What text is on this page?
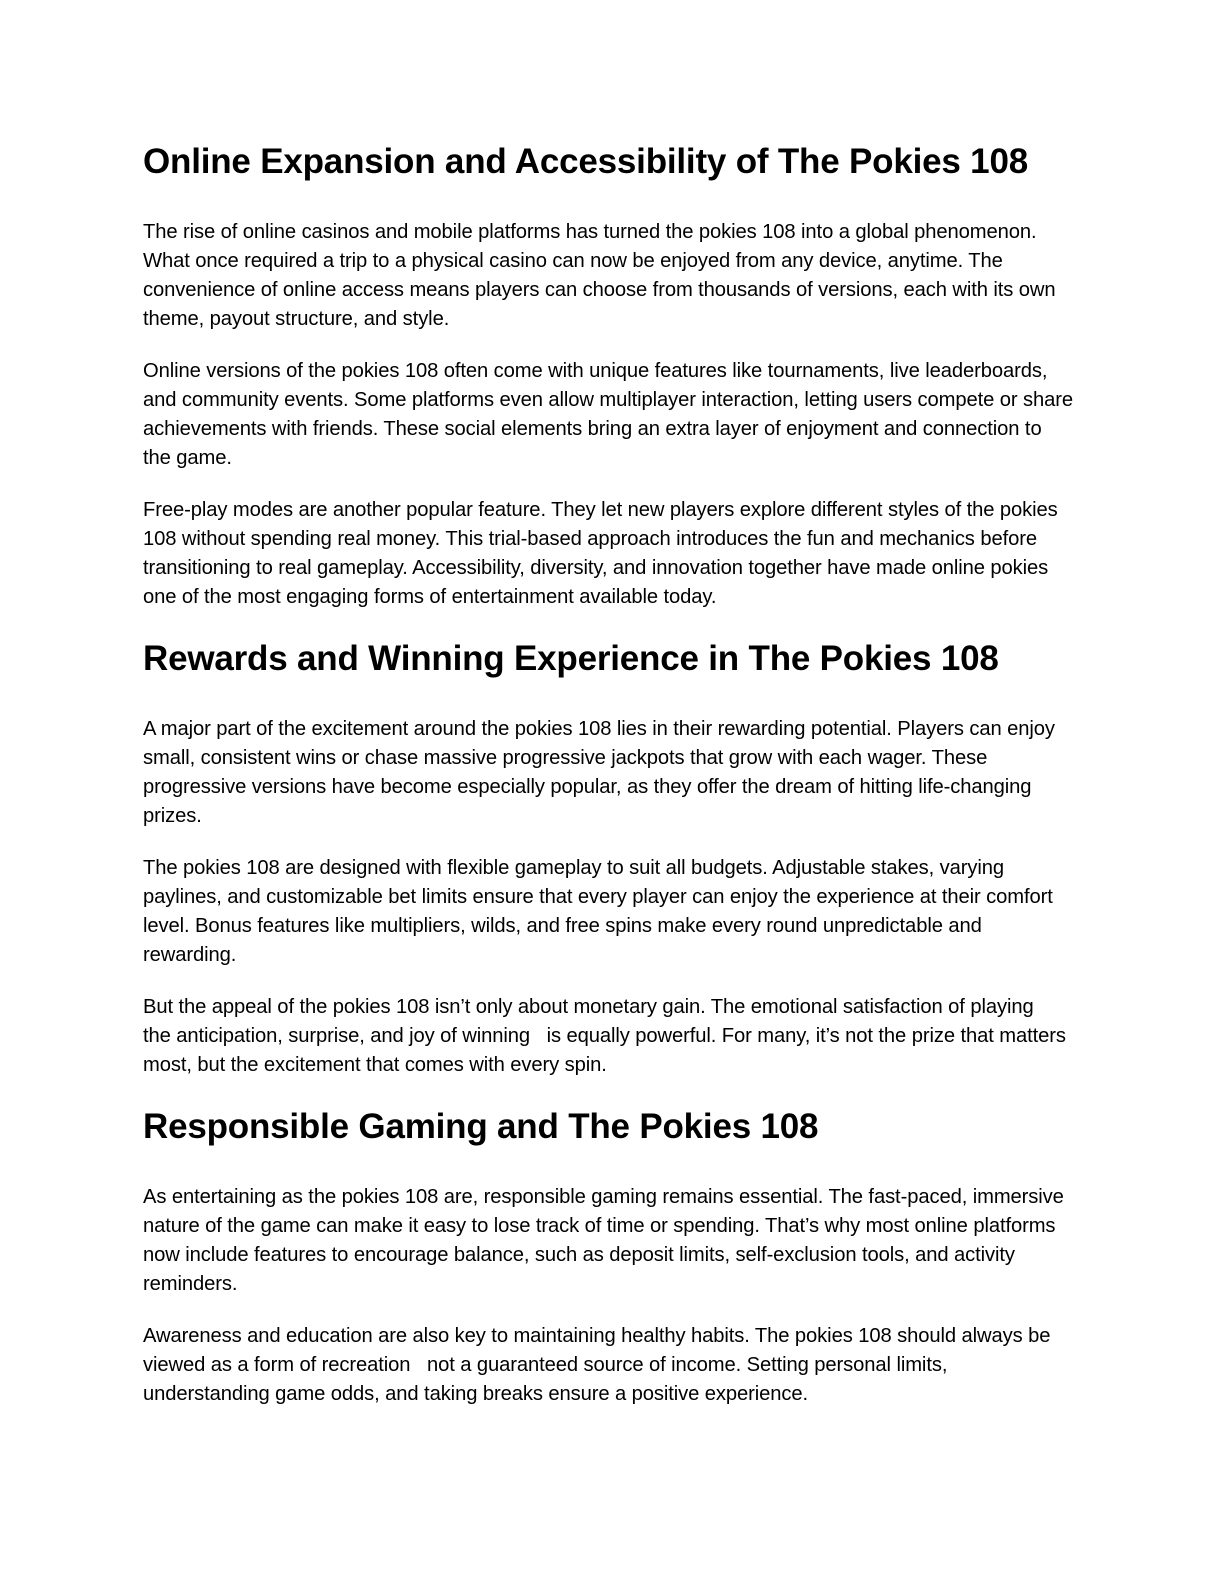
Online Expansion and Accessibility of The Pokies 108

The rise of online casinos and mobile platforms has turned the pokies 108 into a global phenomenon. What once required a trip to a physical casino can now be enjoyed from any device, anytime. The convenience of online access means players can choose from thousands of versions, each with its own theme, payout structure, and style.

Online versions of the pokies 108 often come with unique features like tournaments, live leaderboards, and community events. Some platforms even allow multiplayer interaction, letting users compete or share achievements with friends. These social elements bring an extra layer of enjoyment and connection to the game.

Free-play modes are another popular feature. They let new players explore different styles of the pokies 108 without spending real money. This trial-based approach introduces the fun and mechanics before transitioning to real gameplay. Accessibility, diversity, and innovation together have made online pokies one of the most engaging forms of entertainment available today.

Rewards and Winning Experience in The Pokies 108

A major part of the excitement around the pokies 108 lies in their rewarding potential. Players can enjoy small, consistent wins or chase massive progressive jackpots that grow with each wager. These progressive versions have become especially popular, as they offer the dream of hitting life-changing prizes.

The pokies 108 are designed with flexible gameplay to suit all budgets. Adjustable stakes, varying paylines, and customizable bet limits ensure that every player can enjoy the experience at their comfort level. Bonus features like multipliers, wilds, and free spins make every round unpredictable and rewarding.

But the appeal of the pokies 108 isn’t only about monetary gain. The emotional satisfaction of playing   the anticipation, surprise, and joy of winning   is equally powerful. For many, it’s not the prize that matters most, but the excitement that comes with every spin.

Responsible Gaming and The Pokies 108

As entertaining as the pokies 108 are, responsible gaming remains essential. The fast-paced, immersive nature of the game can make it easy to lose track of time or spending. That’s why most online platforms now include features to encourage balance, such as deposit limits, self-exclusion tools, and activity reminders.

Awareness and education are also key to maintaining healthy habits. The pokies 108 should always be viewed as a form of recreation   not a guaranteed source of income. Setting personal limits, understanding game odds, and taking breaks ensure a positive experience.
